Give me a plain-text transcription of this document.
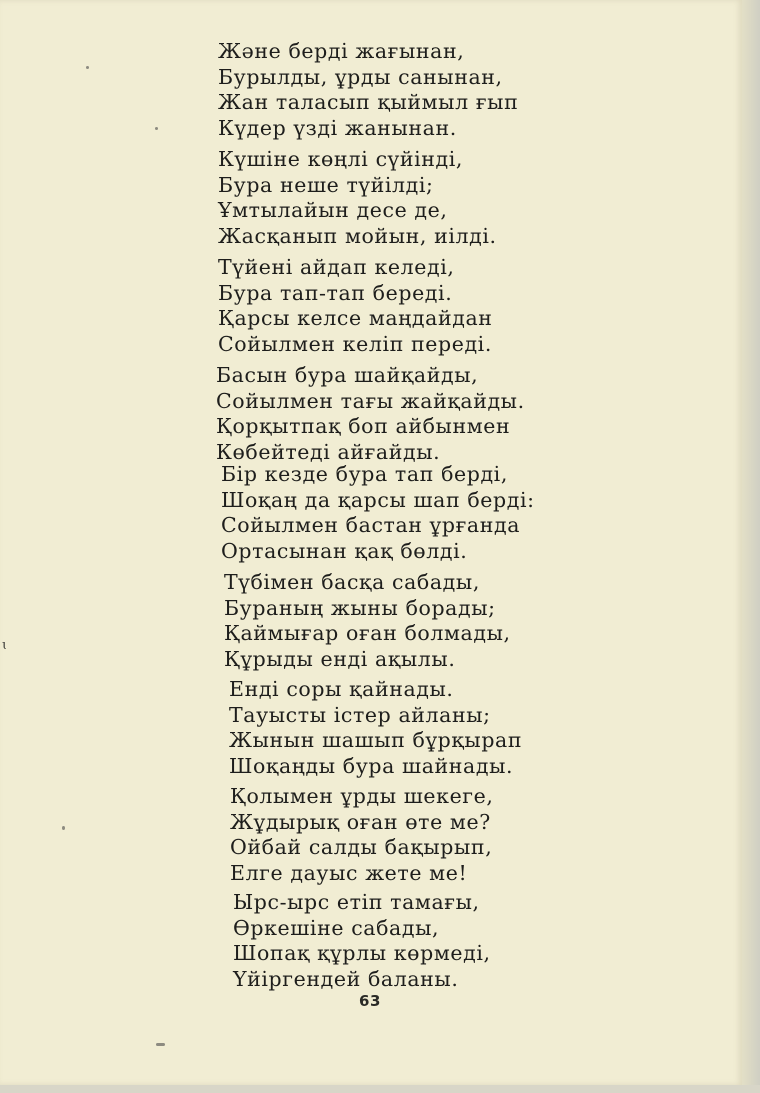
Және берді жағынан,
Бурылды, ұрды санынан,
Жан таласып қыймыл ғып
Күдер үзді жанынан.

Күшіне көңлі сүйінді,
Бура неше түйілді;
Ұмтылайын десе де,
Жасқанып мойын, иілді.

Түйені айдап келеді,
Бура тап-тап береді.
Қарсы келсе маңдайдан
Сойылмен келіп переді.

Басын бура шайқайды,
Сойылмен тағы жайқайды.
Қорқытпақ боп айбынмен
Көбейтеді айғайды.

Бір кезде бура тап берді,
Шоқаң да қарсы шап берді:
Сойылмен бастан ұрғанда
Ортасынан қақ бөлді.

Түбімен басқа сабады,
Бураның жыны борады;
Қаймығар оған болмады,
Құрыды енді ақылы.

Енді соры қайнады.
Тауысты істер айланы;
Жынын шашып бұрқырап
Шоқаңды бура шайнады.

Қолымен ұрды шекеге,
Жұдырық оған өте ме?
Ойбай салды бақырып,
Елге дауыс жете ме!

Ырс-ырс етіп тамағы,
Өркешіне сабады,
Шопақ құрлы көрмеді,
Үйіргендей баланы.

63
ɩ
